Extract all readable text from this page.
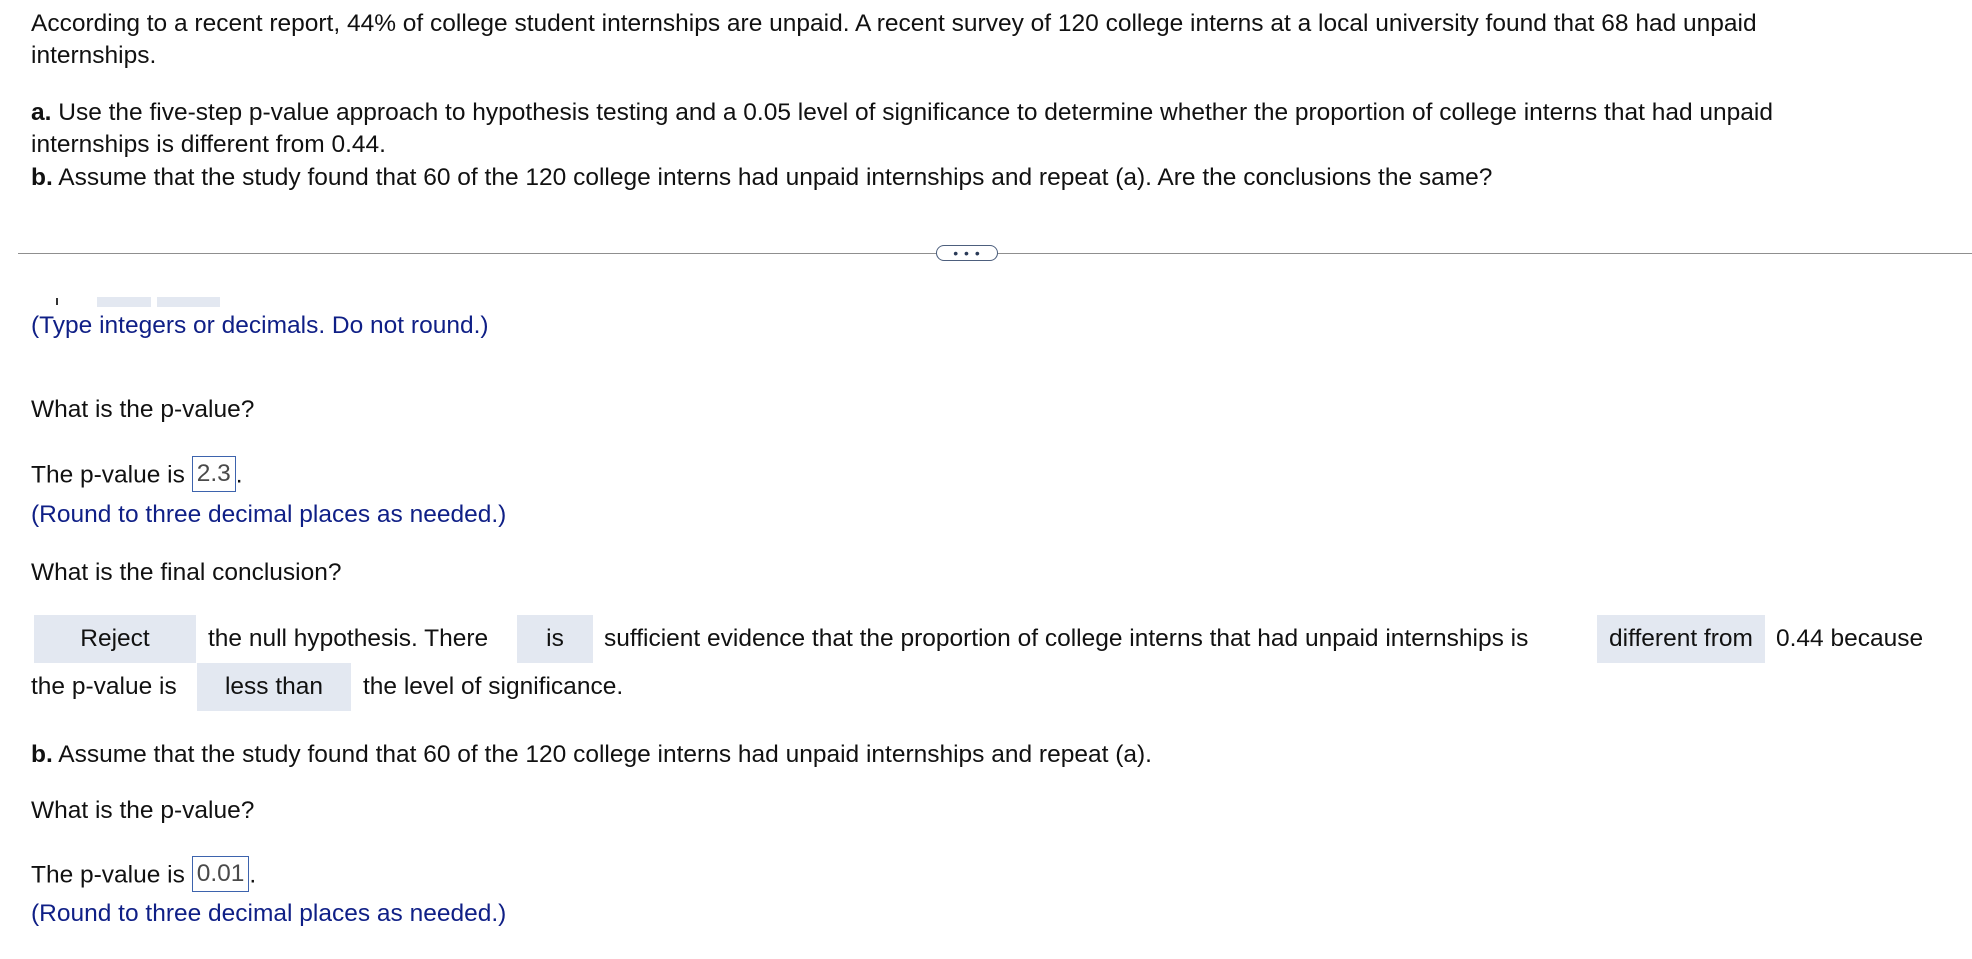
According to a recent report, 44% of college student internships are unpaid. A recent survey of 120 college interns at a local university found that 68 had unpaid
internships.
a. Use the five-step p-value approach to hypothesis testing and a 0.05 level of significance to determine whether the proportion of college interns that had unpaid
internships is different from 0.44.
b. Assume that the study found that 60 of the 120 college interns had unpaid internships and repeat (a). Are the conclusions the same?
• • •
(Type integers or decimals. Do not round.)
What is the p-value?
The p-value is 2.3 .
(Round to three decimal places as needed.)
What is the final conclusion?
Reject	the null hypothesis. There	is	sufficient evidence that the proportion of college interns that had unpaid internships is	different from 0.44 because
the p-value is	less than	the level of significance.
b. Assume that the study found that 60 of the 120 college interns had unpaid internships and repeat (a).
What is the p-value?
The p-value is 0.01 .
(Round to three decimal places as needed.)
